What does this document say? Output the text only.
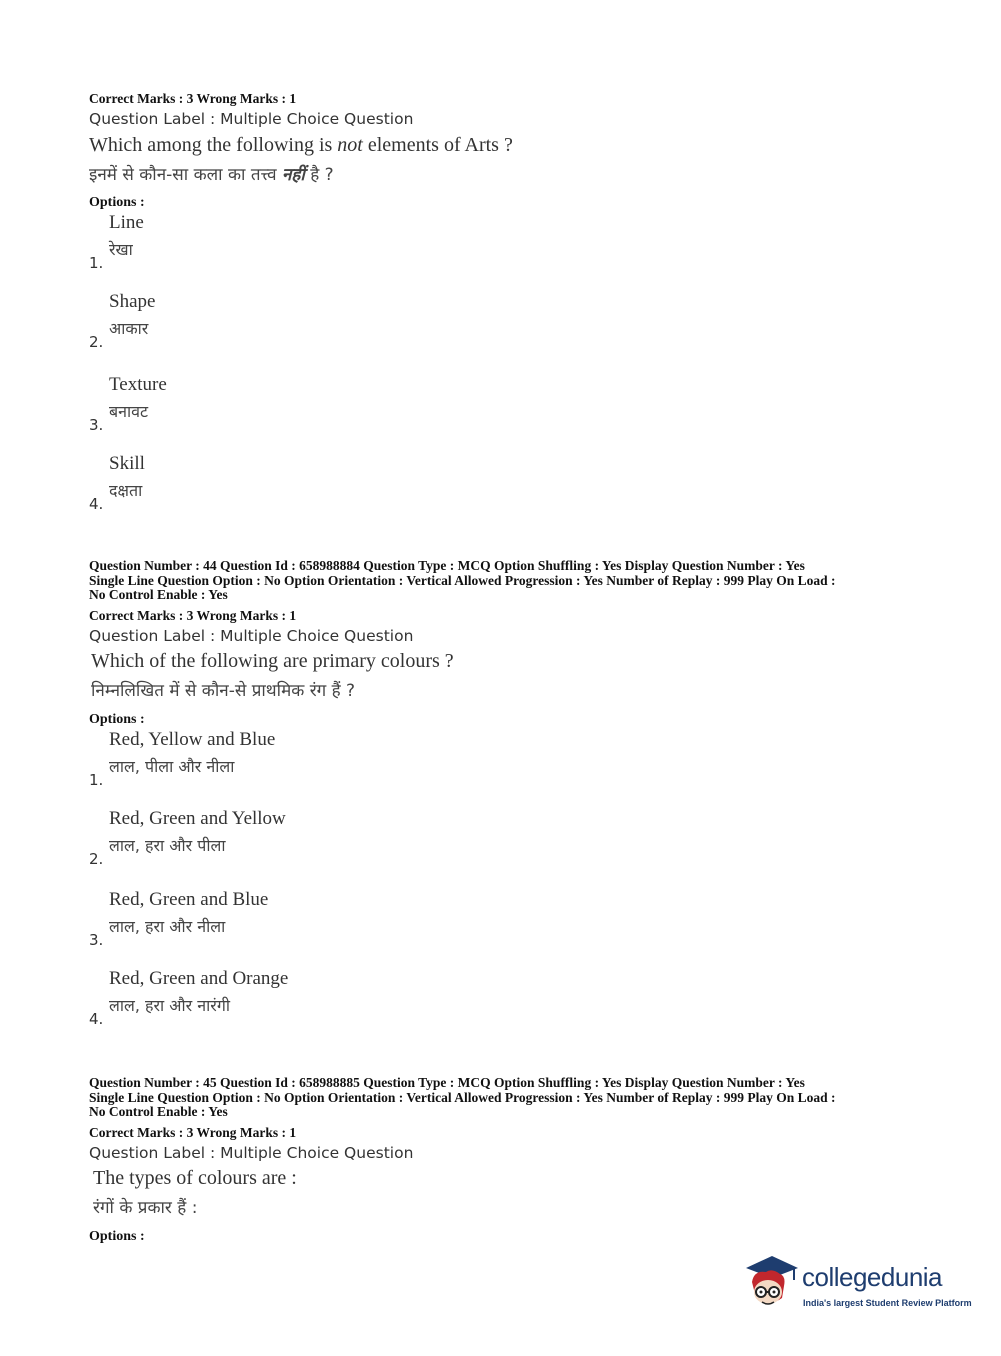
Correct Marks : 3 Wrong Marks : 1
Question Label : Multiple Choice Question
Which among the following is not elements of Arts ?
इनमें से कौन-सा कला का तत्त्व नहीं है ?
Options :
1.
Line
रेखा
2.
Shape
आकार
3.
Texture
बनावट
4.
Skill
दक्षता
Question Number : 44 Question Id : 658988884 Question Type : MCQ Option Shuffling : Yes Display Question Number : Yes
Single Line Question Option : No Option Orientation : Vertical Allowed Progression : Yes Number of Replay : 999 Play On Load :
No Control Enable : Yes
Correct Marks : 3 Wrong Marks : 1
Question Label : Multiple Choice Question
Which of the following are primary colours ?
निम्नलिखित में से कौन-से प्राथमिक रंग हैं ?
Options :
1.
Red, Yellow and Blue
लाल, पीला और नीला
2.
Red, Green and Yellow
लाल, हरा और पीला
3.
Red, Green and Blue
लाल, हरा और नीला
4.
Red, Green and Orange
लाल, हरा और नारंगी
Question Number : 45 Question Id : 658988885 Question Type : MCQ Option Shuffling : Yes Display Question Number : Yes
Single Line Question Option : No Option Orientation : Vertical Allowed Progression : Yes Number of Replay : 999 Play On Load :
No Control Enable : Yes
Correct Marks : 3 Wrong Marks : 1
Question Label : Multiple Choice Question
The types of colours are :
रंगों के प्रकार हैं :
Options :
collegedunia
India's largest Student Review Platform
